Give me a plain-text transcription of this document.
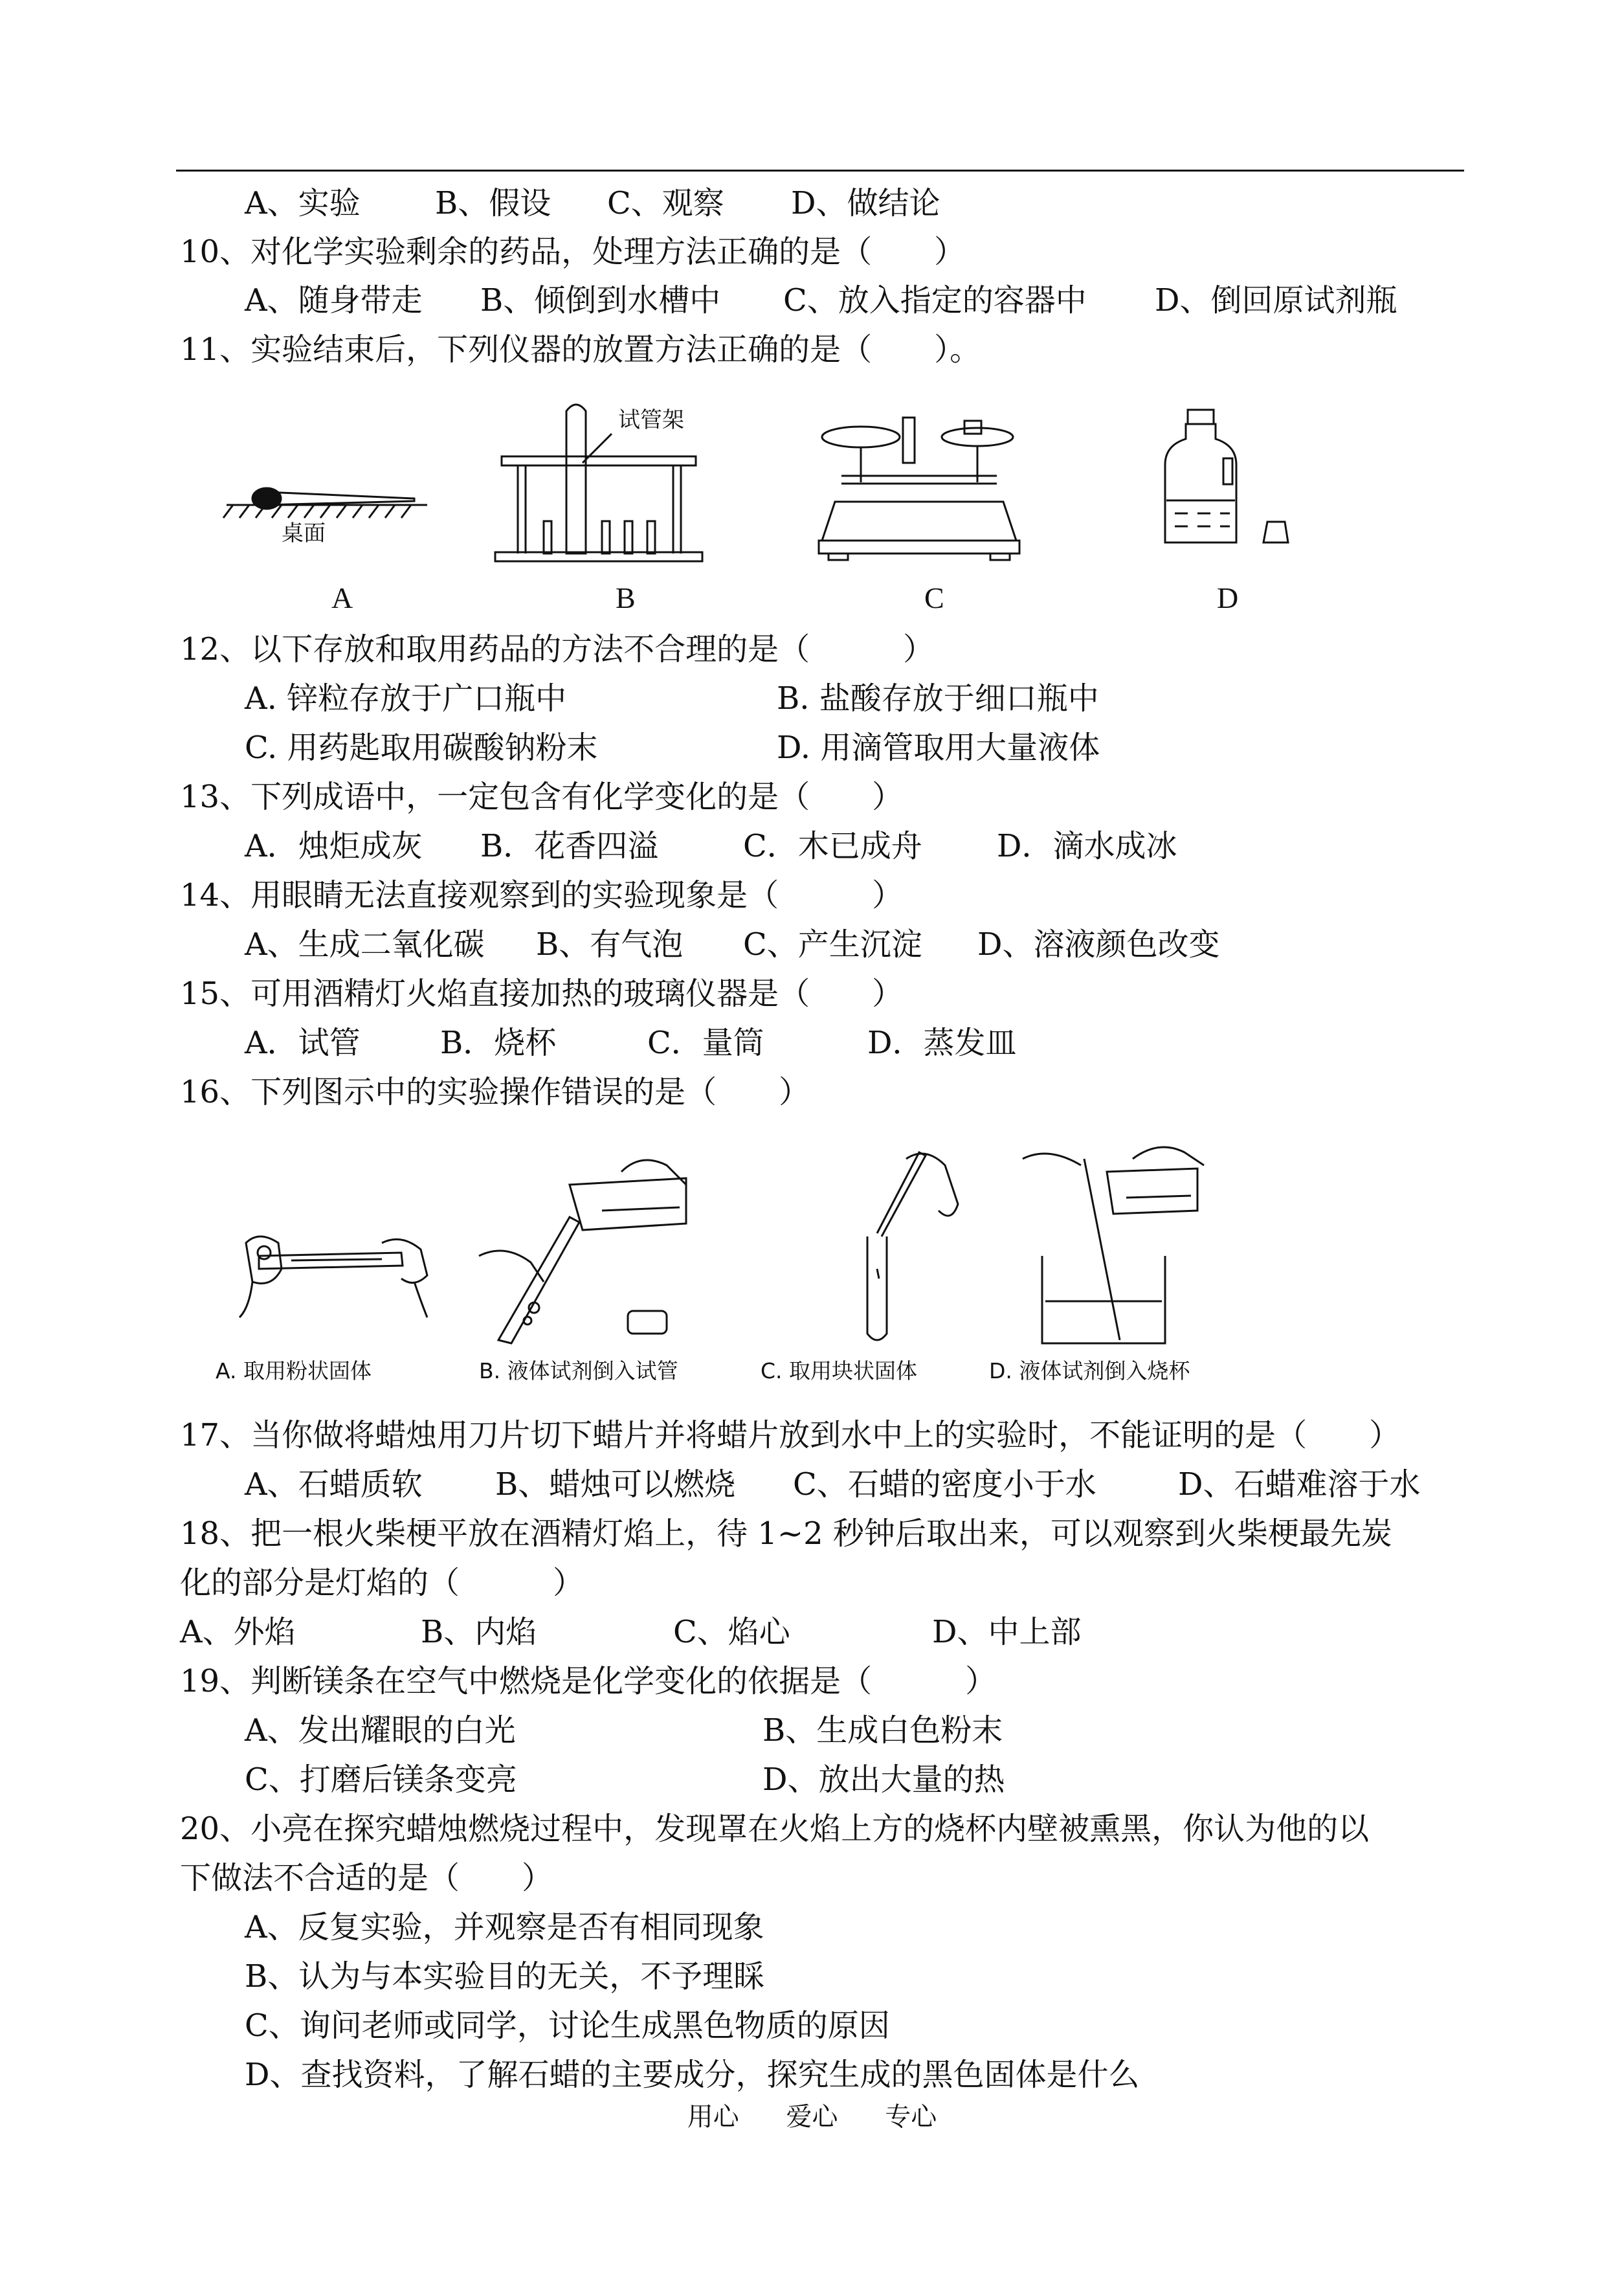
A、实验 B、假设 C、观察 D、做结论
10、对化学实验剩余的药品，处理方法正确的是（　　）
A、随身带走 B、倾倒到水槽中 C、放入指定的容器中 D、倒回原试剂瓶
11、实验结束后，下列仪器的放置方法正确的是（　　）。
桌面
A
试管架
B	C	D
12、以下存放和取用药品的方法不合理的是（　　　）
A. 锌粒存放于广口瓶中	B. 盐酸存放于细口瓶中
C. 用药匙取用碳酸钠粉末	D. 用滴管取用大量液体
13、下列成语中，一定包含有化学变化的是（　　）
A．烛炬成灰 B．花香四溢	C．木已成舟 D．滴水成冰
14、用眼睛无法直接观察到的实验现象是（　　　）
A、生成二氧化碳 B、有气泡 C、产生沉淀 D、溶液颜色改变
15、可用酒精灯火焰直接加热的玻璃仪器是（　　）
A．试管	B．烧杯	C．量筒	D．蒸发皿
16、下列图示中的实验操作错误的是（　　）
A. 取用粉状固体	B. 液体试剂倒入试管	C. 取用块状固体	D. 液体试剂倒入烧杯
17、当你做将蜡烛用刀片切下蜡片并将蜡片放到水中上的实验时，不能证明的是（　　）
A、石蜡质软 B、蜡烛可以燃烧 C、石蜡的密度小于水	D、石蜡难溶于水
18、把一根火柴梗平放在酒精灯焰上，待 1~2 秒钟后取出来，可以观察到火柴梗最先炭
化的部分是灯焰的（　　　）
A、外焰	B、内焰	C、焰心	D、中上部
19、判断镁条在空气中燃烧是化学变化的依据是（　　　）
A、发出耀眼的白光	B、生成白色粉末
C、打磨后镁条变亮	D、放出大量的热
20、小亮在探究蜡烛燃烧过程中，发现罩在火焰上方的烧杯内壁被熏黑，你认为他的以
下做法不合适的是（　　）
A、反复实验，并观察是否有相同现象
B、认为与本实验目的无关，不予理睬
C、询问老师或同学，讨论生成黑色物质的原因
D、查找资料，了解石蜡的主要成分，探究生成的黑色固体是什么
用心 爱心 专心
